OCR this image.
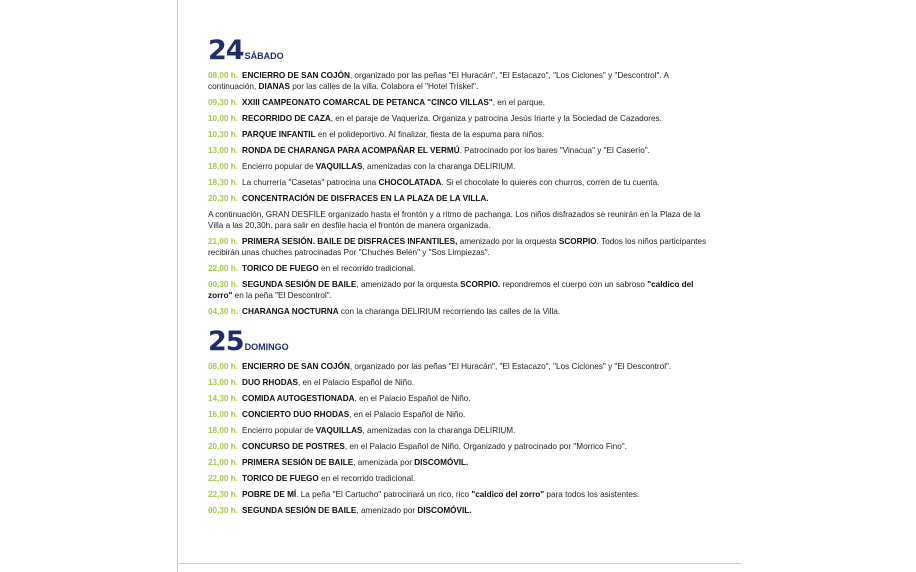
24 SÁBADO
08,00 h. ENCIERRO DE SAN COJÓN, organizado por las peñas "El Huracán", "El Estacazo", "Los Ciclones" y "Descontrol". A continuación, DIANAS por las calles de la villa. Colabora el "Hotel Triskel".
09,30 h. XXIII CAMPEONATO COMARCAL DE PETANCA "CINCO VILLAS", en el parque.
10,00 h. RECORRIDO DE CAZA, en el paraje de Vaqueriza. Organiza y patrocina Jesús Iriarte y la Sociedad de Cazadores.
10,30 h. PARQUE INFANTIL en el polideportivo. Al finalizar, fiesta de la espuma para niños.
13,00 h. RONDA DE CHARANGA PARA ACOMPAÑAR EL VERMÚ. Patrocinado por los bares "Vinacua" y "El Caserío".
18,00 h. Encierro popular de VAQUILLAS, amenizadas con la charanga DELIRIUM.
18,30 h. La churrería "Casetas" patrocina una CHOCOLATADA. Si el chocolate lo quieres con churros, corren de tu cuenta.
20,30 h. CONCENTRACIÓN DE DISFRACES EN LA PLAZA DE LA VILLA.
A continuación, GRAN DESFILE organizado hasta el frontón y a ritmo de pachanga. Los niños disfrazados se reunirán en la Plaza de la Villa a las 20,30h. para salir en desfile hacia el frontón de manera organizada.
21,00 h. PRIMERA SESIÓN. BAILE DE DISFRACES INFANTILES, amenizado por la orquesta SCORPIO. Todos los niños participantes recibirán unas chuches patrocinadas Por "Chuches Belén" y "Sos Limpiezas".
22,00 h. TORICO DE FUEGO en el recorrido tradicional.
00,30 h. SEGUNDA SESIÓN DE BAILE, amenizado por la orquesta SCORPIO. repondremos el cuerpo con un sabroso "caldico del zorro" en la peña "El Descontrol".
04,30 h. CHARANGA NOCTURNA con la charanga DELIRIUM recorriendo las calles de la Villa.
25 DOMINGO
08,00 h. ENCIERRO DE SAN COJÓN, organizado por las peñas "El Huracán", "El Estacazo", "Los Ciclones" y "El Descontrol".
13,00 h. DUO RHODAS, en el Palacio Español de Niño.
14,30 h. COMIDA AUTOGESTIONADA, en el Palacio Español de Niño.
16,00 h. CONCIERTO DUO RHODAS, en el Palacio Español de Niño.
18,00 h. Encierro popular de VAQUILLAS, amenizadas con la charanga DELIRIUM.
20,00 h. CONCURSO DE POSTRES, en el Palacio Español de Niño. Organizado y patrocinado por "Morrico Fino".
21,00 h. PRIMERA SESIÓN DE BAILE, amenizada por DISCOMÓVIL.
22,00 h. TORICO DE FUEGO en el recorrido tradicional.
22,30 h. POBRE DE MÍ. La peña "El Cartucho" patrocinará un rico, rico "caldico del zorro" para todos los asistentes.
00,30 h. SEGUNDA SESIÓN DE BAILE, amenizado por DISCOMÓVIL.
